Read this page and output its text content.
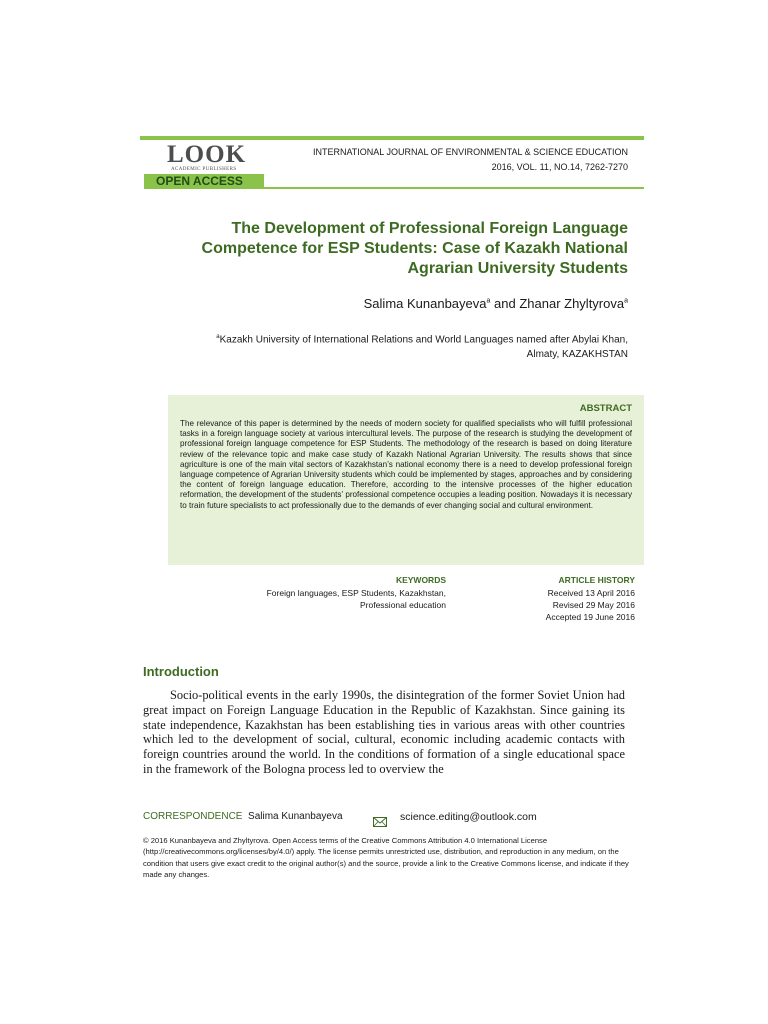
LOOK
ACADEMIC PUBLISHERS
OPEN ACCESS
INTERNATIONAL JOURNAL OF ENVIRONMENTAL & SCIENCE EDUCATION
2016, VOL. 11, NO.14, 7262-7270
The Development of Professional Foreign Language
Competence for ESP Students: Case of Kazakh National
Agrarian University Students
Salima Kunanbayeva$^a$ and Zhanar Zhyltyrova$^a$
$^a$Kazakh University of International Relations and World Languages named after Abylai Khan,
Almaty, KAZAKHSTAN
ABSTRACT
The relevance of this paper is determined by the needs of modern society for qualified specialists who will fulfill professional tasks in a foreign language society at various intercultural levels. The purpose of the research is studying the development of professional foreign language competence for ESP Students. The methodology of the research is based on doing literature review of the relevance topic and make case study of Kazakh National Agrarian University. The results shows that since agriculture is one of the main vital sectors of Kazakhstan’s national economy there is a need to develop professional foreign language competence of Agrarian University students which could be implemented by stages, approaches and by considering the content of foreign language education. Therefore, according to the intensive processes of the higher education reformation, the development of the students’ professional competence occupies a leading position. Nowadays it is necessary to train future specialists to act professionally due to the demands of ever changing social and cultural environment.
KEYWORDS
Foreign languages, ESP Students, Kazakhstan,
Professional education
ARTICLE HISTORY
Received 13 April 2016
Revised 29 May 2016
Accepted 19 June 2016
Introduction

Socio-political events in the early 1990s, the disintegration of the former Soviet Union had great impact on Foreign Language Education in the Republic of Kazakhstan. Since gaining its state independence, Kazakhstan has been establishing ties in various areas with other countries which led to the development of social, cultural, economic including academic contacts with foreign countries around the world. In the conditions of formation of a single educational space in the framework of the Bologna process led to overview the

CORRESPONDENCE Salima Kunanbayeva	science.editing@outlook.com
© 2016 Kunanbayeva and Zhyltyrova. Open Access terms of the Creative Commons Attribution 4.0 International License (http://creativecommons.org/licenses/by/4.0/) apply. The license permits unrestricted use, distribution, and reproduction in any medium, on the condition that users give exact credit to the original author(s) and the source, provide a link to the Creative Commons license, and indicate if they made any changes.
